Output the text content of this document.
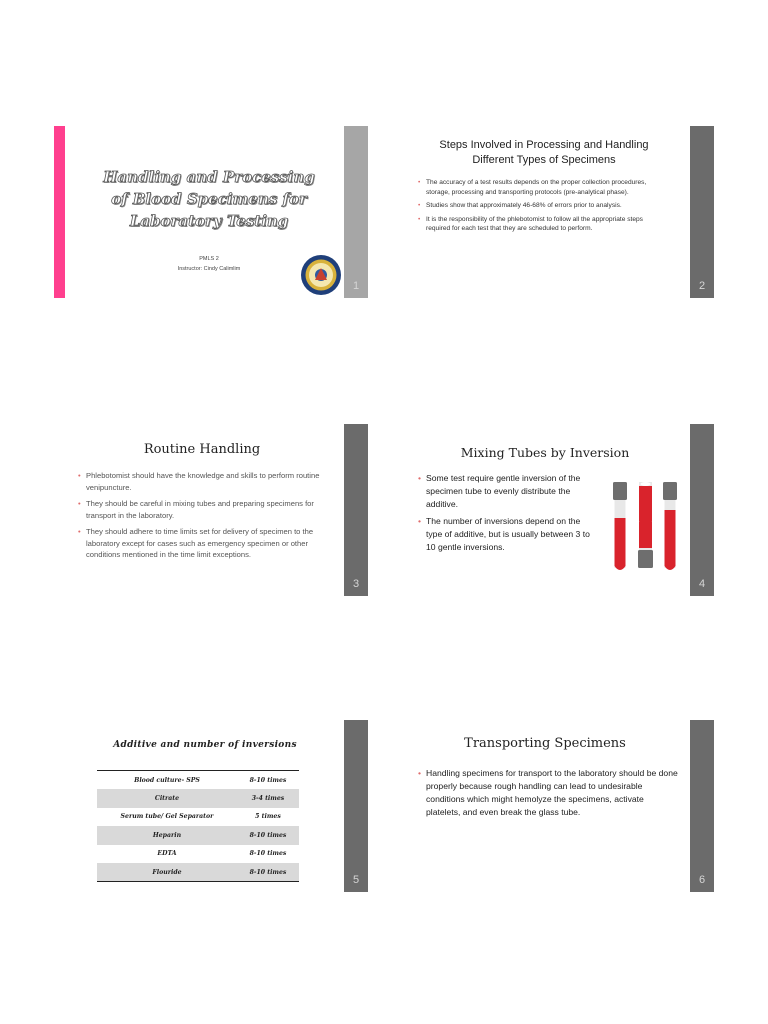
Handling and Processing of Blood Specimens for Laboratory Testing
PMLS 2
Instructor: Cindy Calimlim
1
Steps Involved in Processing and Handling
Different Types of Specimens
• The accuracy of a test results depends on the proper collection procedures, storage, processing and transporting protocols (pre-analytical phase).
• Studies show that approximately 46-68% of errors prior to analysis.
• It is the responsibility of the phlebotomist to follow all the appropriate steps required for each test that they are scheduled to perform.
2
Routine Handling
• Phlebotomist should have the knowledge and skills to perform routine venipuncture.
• They should be careful in mixing tubes and preparing specimens for transport in the laboratory.
• They should adhere to time limits set for delivery of specimen to the laboratory except for cases such as emergency specimen or other conditions mentioned in the time limit exceptions.
3
Mixing Tubes by Inversion
• Some test require gentle inversion of the specimen tube to evenly distribute the additive.
• The number of inversions depend on the type of additive, but is usually between 3 to 10 gentle inversions.
4
Additive and number of inversions
Blood culture- SPS	8-10 times
Citrate	3-4 times
Serum tube/ Gel Separator	5 times
Heparin	8-10 times
EDTA	8-10 times
Flouride	8-10 times
5
Transporting Specimens
• Handling specimens for transport to the laboratory should be done properly because rough handling can lead to undesirable conditions which might hemolyze the specimens, activate platelets, and even break the glass tube.
6
